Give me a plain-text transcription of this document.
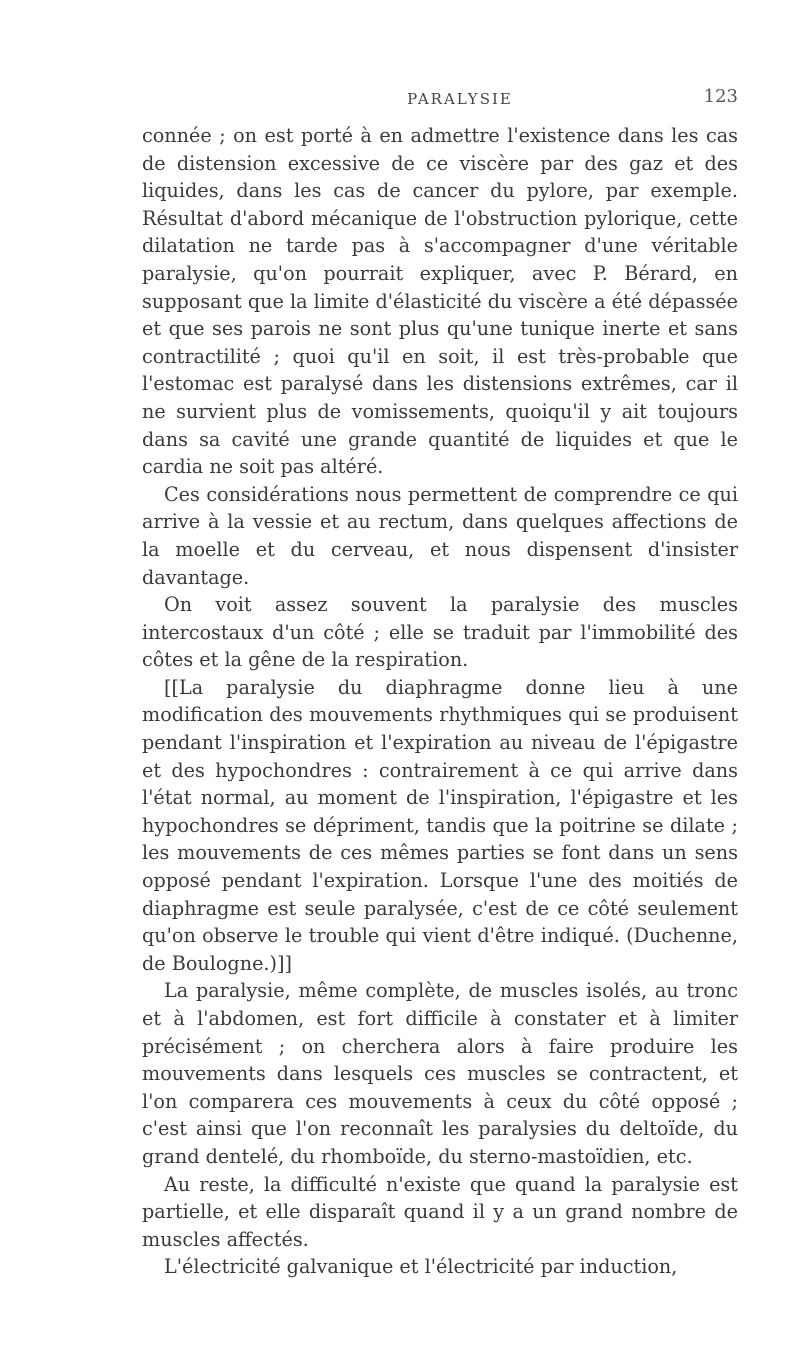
PARALYSIE	123

connée ; on est porté à en admettre l'existence dans les cas de distension excessive de ce viscère par des gaz et des liquides, dans les cas de cancer du pylore, par exemple. Résultat d'abord mécanique de l'obstruction pylorique, cette dilatation ne tarde pas à s'accompagner d'une véritable paralysie, qu'on pourrait expliquer, avec P. Bérard, en supposant que la limite d'élasticité du viscère a été dépassée et que ses parois ne sont plus qu'une tunique inerte et sans contractilité ; quoi qu'il en soit, il est très-probable que l'estomac est paralysé dans les distensions extrêmes, car il ne survient plus de vomissements, quoiqu'il y ait toujours dans sa cavité une grande quantité de liquides et que le cardia ne soit pas altéré.

Ces considérations nous permettent de comprendre ce qui arrive à la vessie et au rectum, dans quelques affections de la moelle et du cerveau, et nous dispensent d'insister davantage.

On voit assez souvent la paralysie des muscles intercostaux d'un côté ; elle se traduit par l'immobilité des côtes et la gêne de la respiration.

[[La paralysie du diaphragme donne lieu à une modification des mouvements rhythmiques qui se produisent pendant l'inspiration et l'expiration au niveau de l'épigastre et des hypochondres : contrairement à ce qui arrive dans l'état normal, au moment de l'inspiration, l'épigastre et les hypochondres se dépriment, tandis que la poitrine se dilate ; les mouvements de ces mêmes parties se font dans un sens opposé pendant l'expiration. Lorsque l'une des moitiés de diaphragme est seule paralysée, c'est de ce côté seulement qu'on observe le trouble qui vient d'être indiqué. (Duchenne, de Boulogne.)]]

La paralysie, même complète, de muscles isolés, au tronc et à l'abdomen, est fort difficile à constater et à limiter précisément ; on cherchera alors à faire produire les mouvements dans lesquels ces muscles se contractent, et l'on comparera ces mouvements à ceux du côté opposé ; c'est ainsi que l'on reconnaît les paralysies du deltoïde, du grand dentelé, du rhomboïde, du sterno-mastoïdien, etc.

Au reste, la difficulté n'existe que quand la paralysie est partielle, et elle disparaît quand il y a un grand nombre de muscles affectés.

L'électricité galvanique et l'électricité par induction,
